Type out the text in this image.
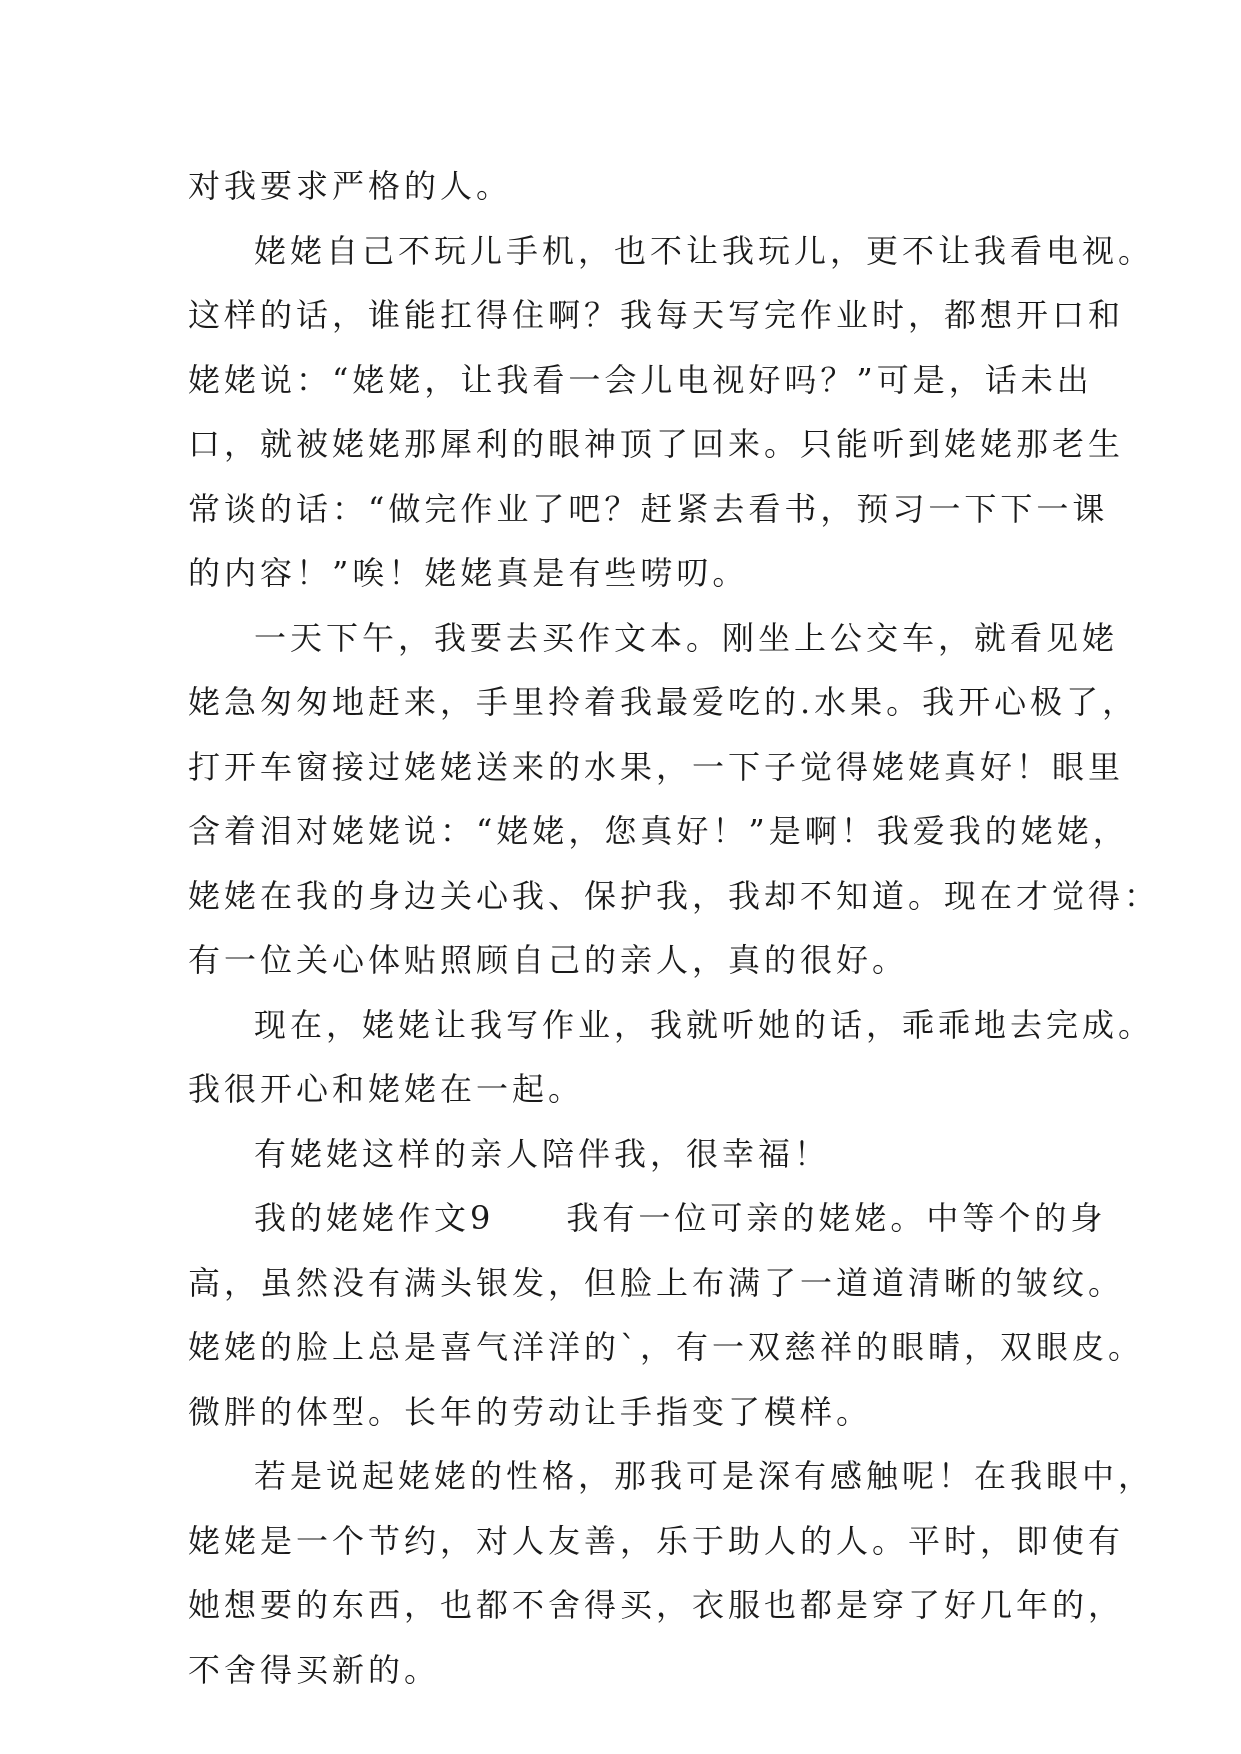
对我要求严格的人。
姥姥自己不玩儿手机，也不让我玩儿，更不让我看电视。
这样的话，谁能扛得住啊？我每天写完作业时，都想开口和
姥姥说：“姥姥，让我看一会儿电视好吗？”可是，话未出
口，就被姥姥那犀利的眼神顶了回来。只能听到姥姥那老生
常谈的话：“做完作业了吧？赶紧去看书，预习一下下一课
的内容！”唉！姥姥真是有些唠叨。
一天下午，我要去买作文本。刚坐上公交车，就看见姥
姥急匆匆地赶来，手里拎着我最爱吃的.水果。我开心极了，
打开车窗接过姥姥送来的水果，一下子觉得姥姥真好！眼里
含着泪对姥姥说：“姥姥，您真好！”是啊！我爱我的姥姥，
姥姥在我的身边关心我、保护我，我却不知道。现在才觉得：
有一位关心体贴照顾自己的亲人，真的很好。
现在，姥姥让我写作业，我就听她的话，乖乖地去完成。
我很开心和姥姥在一起。
有姥姥这样的亲人陪伴我，很幸福！
我的姥姥作文9　　我有一位可亲的姥姥。中等个的身
高，虽然没有满头银发，但脸上布满了一道道清晰的皱纹。
姥姥的脸上总是喜气洋洋的`，有一双慈祥的眼睛，双眼皮。
微胖的体型。长年的劳动让手指变了模样。
若是说起姥姥的性格，那我可是深有感触呢！在我眼中，
姥姥是一个节约，对人友善，乐于助人的人。平时，即使有
她想要的东西，也都不舍得买，衣服也都是穿了好几年的，
不舍得买新的。
